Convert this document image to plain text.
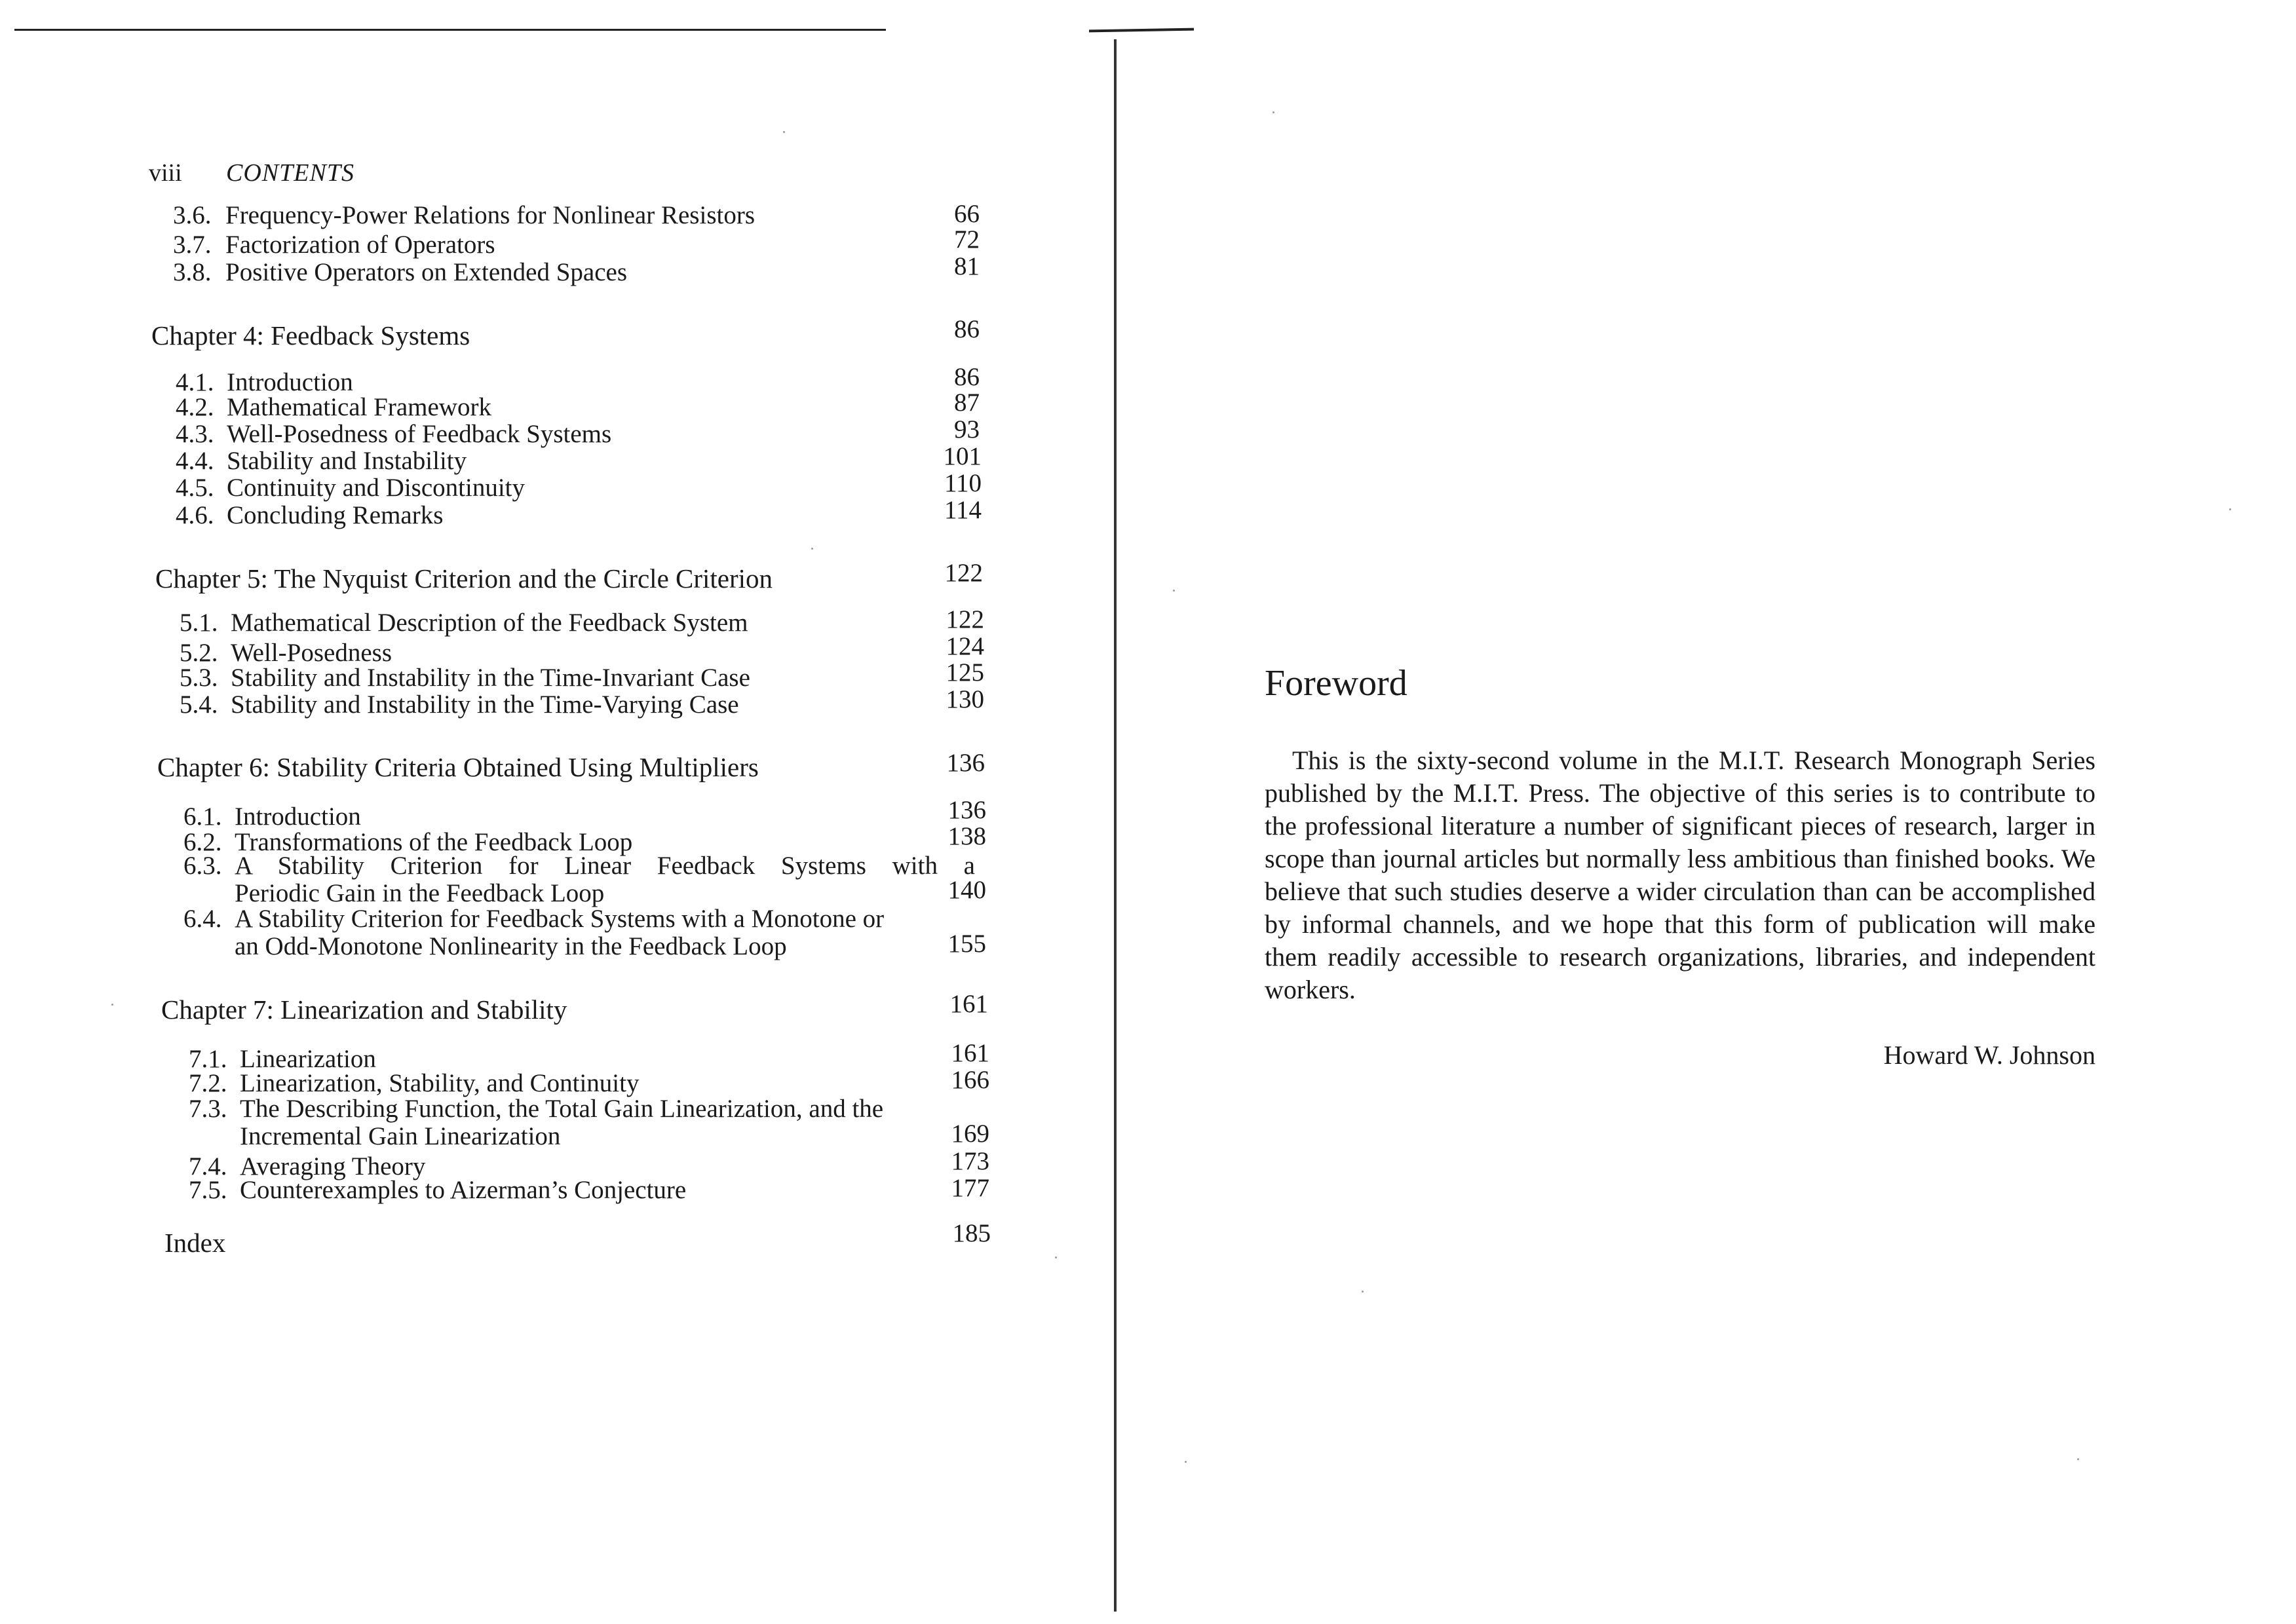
viii CONTENTS
3.6. Frequency-Power Relations for Nonlinear Resistors	66
3.7. Factorization of Operators	72
3.8. Positive Operators on Extended Spaces	81
Chapter 4: Feedback Systems	86
4.1. Introduction	86
4.2. Mathematical Framework	87
4.3. Well-Posedness of Feedback Systems	93
4.4. Stability and Instability	101
4.5. Continuity and Discontinuity	110
4.6. Concluding Remarks	114
Chapter 5: The Nyquist Criterion and the Circle Criterion	122
5.1. Mathematical Description of the Feedback System	122
5.2. Well-Posedness	124
5.3. Stability and Instability in the Time-Invariant Case	125
5.4. Stability and Instability in the Time-Varying Case	130
Chapter 6: Stability Criteria Obtained Using Multipliers	136
6.1. Introduction	136
6.2. Transformations of the Feedback Loop	138
6.3. A Stability Criterion for Linear Feedback Systems with a
Periodic Gain in the Feedback Loop	140
6.4. A Stability Criterion for Feedback Systems with a Monotone or
an Odd-Monotone Nonlinearity in the Feedback Loop	155
Chapter 7: Linearization and Stability	161
7.1. Linearization	161
7.2. Linearization, Stability, and Continuity	166
7.3. The Describing Function, the Total Gain Linearization, and the
Incremental Gain Linearization	169
7.4. Averaging Theory	173
7.5. Counterexamples to Aizerman’s Conjecture	177
Index	185
Foreword
This is the sixty-second volume in the M.I.T. Research Monograph Series published by the M.I.T. Press. The objective of this series is to contribute to the professional literature a number of significant pieces of research, larger in scope than journal articles but normally less ambitious than finished books. We believe that such studies deserve a wider circulation than can be accomplished by informal channels, and we hope that this form of publication will make them readily accessible to research organizations, libraries, and independent workers.
Howard W. Johnson
